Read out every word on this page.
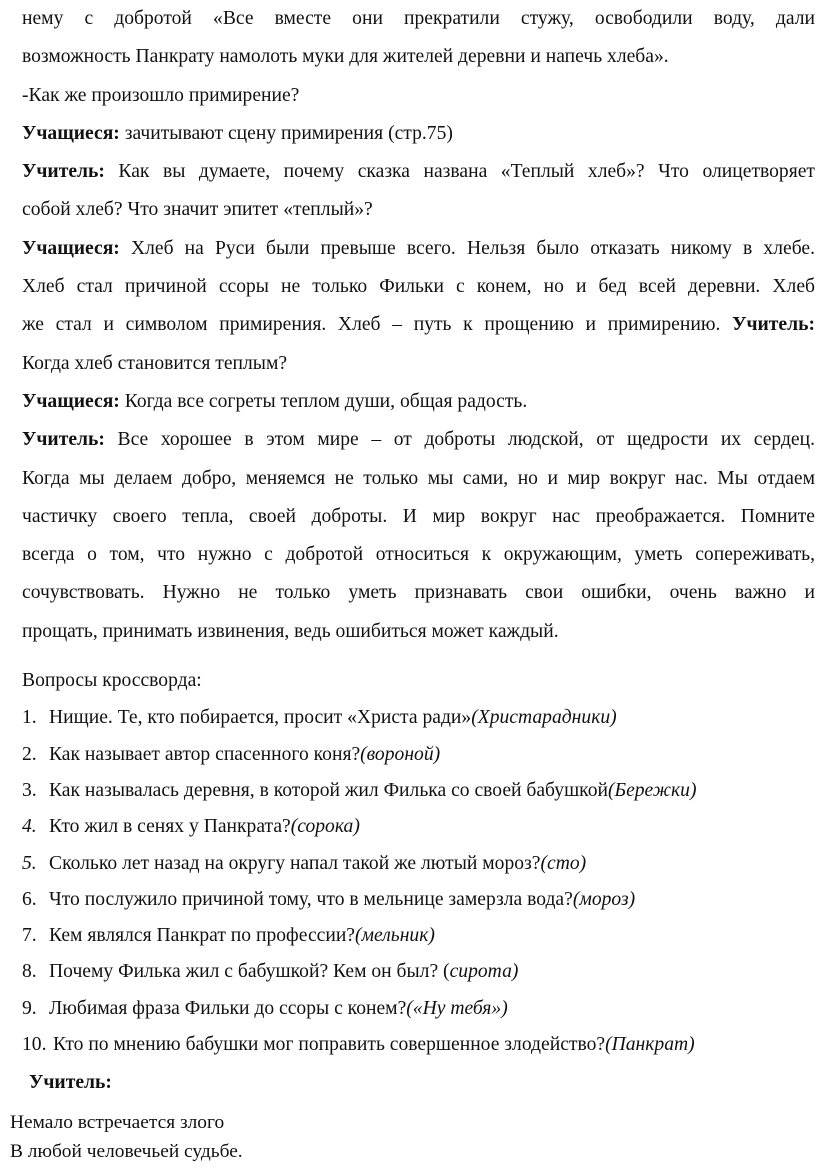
нему с добротой «Все вместе они прекратили стужу, освободили воду, дали
возможность Панкрату намолоть муки для жителей деревни и напечь хлеба».

-Как же произошло примирение?

Учащиеся: зачитывают сцену примирения (стр.75)

Учитель: Как вы думаете, почему сказка названа «Теплый хлеб»? Что олицетворяет
собой хлеб? Что значит эпитет «теплый»?

Учащиеся: Хлеб на Руси были превыше всего. Нельзя было отказать никому в хлебе.
Хлеб стал причиной ссоры не только Фильки с конем, но и бед всей деревни. Хлеб
же стал и символом примирения. Хлеб – путь к прощению и примирению. Учитель:
Когда хлеб становится теплым?

Учащиеся: Когда все согреты теплом души, общая радость.

Учитель: Все хорошее в этом мире – от доброты людской, от щедрости их сердец.
Когда мы делаем добро, меняемся не только мы сами, но и мир вокруг нас. Мы отдаем
частичку своего тепла, своей доброты. И мир вокруг нас преображается. Помните
всегда о том, что нужно с добротой относиться к окружающим, уметь сопереживать,
сочувствовать. Нужно не только уметь признавать свои ошибки, очень важно и
прощать, принимать извинения, ведь ошибиться может каждый.

Вопросы кроссворда:
1. Нищие. Те, кто побирается, просит «Христа ради» (Христарадники)
2. Как называет автор спасенного коня? (вороной)
3. Как называлась деревня, в которой жил Филька со своей бабушкой (Бережки)
4. Кто жил в сенях у Панкрата? (сорока)
5. Сколько лет назад на округу напал такой же лютый мороз? (сто)
6. Что послужило причиной тому, что в мельнице замерзла вода? (мороз)
7. Кем являлся Панкрат по профессии? (мельник)
8. Почему Филька жил с бабушкой? Кем он был? ( сирота)
9. Любимая фраза Фильки до ссоры с конем? («Ну тебя»)
10. Кто по мнению бабушки мог поправить совершенное злодейство? (Панкрат)
Учитель:
Немало встречается злого
В любой человечьей судьбе.
